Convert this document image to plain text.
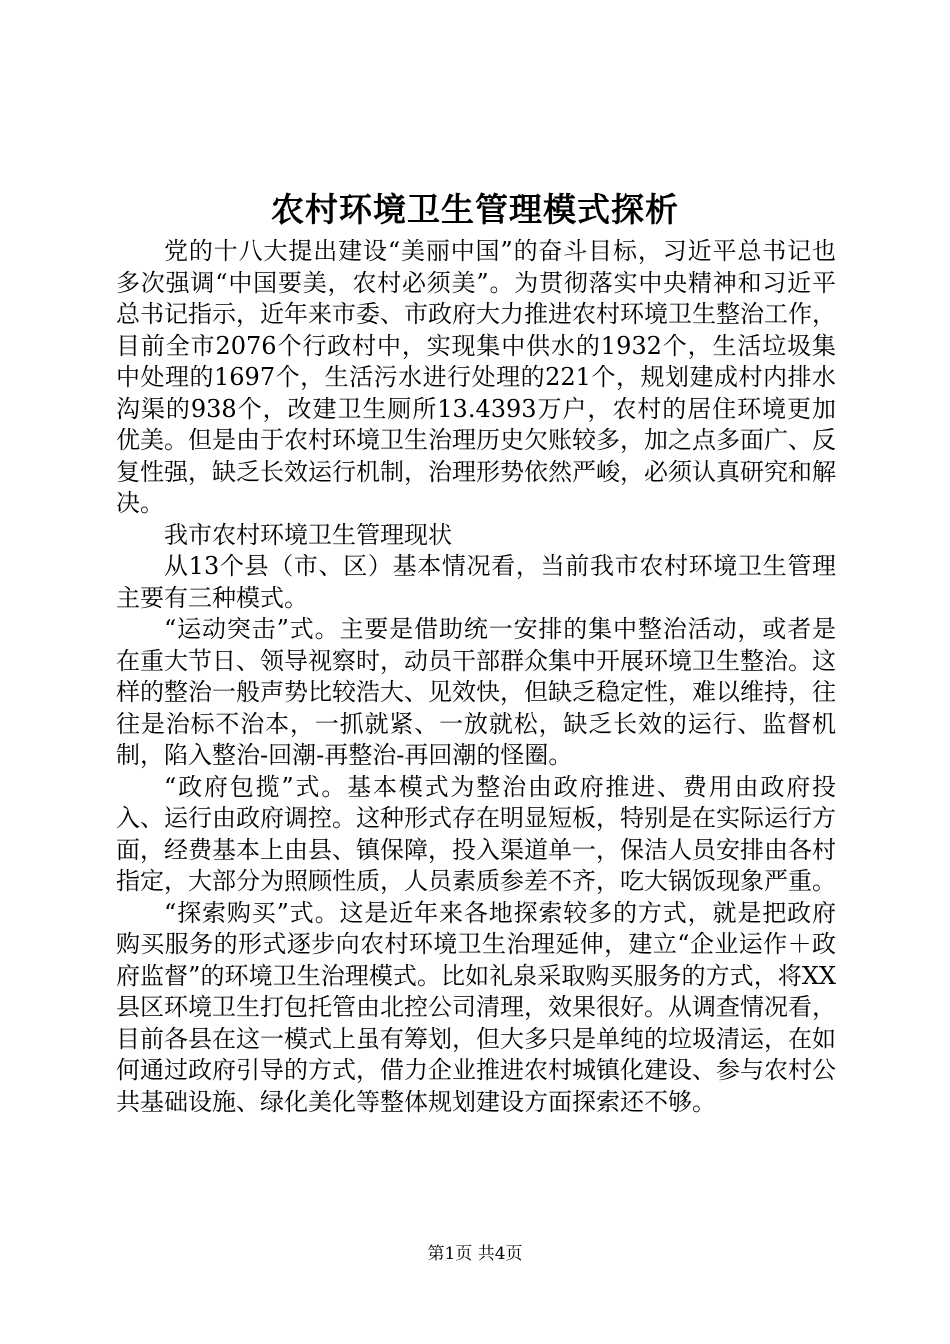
农村环境卫生管理模式探析

党的十八大提出建设“美丽中国”的奋斗目标，习近平总书记也多次强调“中国要美，农村必须美”。为贯彻落实中央精神和习近平总书记指示，近年来市委、市政府大力推进农村环境卫生整治工作，目前全市2076个行政村中，实现集中供水的1932个，生活垃圾集中处理的1697个，生活污水进行处理的221个，规划建成村内排水沟渠的938个，改建卫生厕所13.4393万户，农村的居住环境更加优美。但是由于农村环境卫生治理历史欠账较多，加之点多面广、反复性强，缺乏长效运行机制，治理形势依然严峻，必须认真研究和解决。

我市农村环境卫生管理现状

从13个县（市、区）基本情况看，当前我市农村环境卫生管理主要有三种模式。

“运动突击”式。主要是借助统一安排的集中整治活动，或者是在重大节日、领导视察时，动员干部群众集中开展环境卫生整治。这样的整治一般声势比较浩大、见效快，但缺乏稳定性，难以维持，往往是治标不治本，一抓就紧、一放就松，缺乏长效的运行、监督机制，陷入整治-回潮-再整治-再回潮的怪圈。

“政府包揽”式。基本模式为整治由政府推进、费用由政府投入、运行由政府调控。这种形式存在明显短板，特别是在实际运行方面，经费基本上由县、镇保障，投入渠道单一，保洁人员安排由各村指定，大部分为照顾性质，人员素质参差不齐，吃大锅饭现象严重。

“探索购买”式。这是近年来各地探索较多的方式，就是把政府购买服务的形式逐步向农村环境卫生治理延伸，建立“企业运作＋政府监督”的环境卫生治理模式。比如礼泉采取购买服务的方式，将XX县区环境卫生打包托管由北控公司清理，效果很好。从调查情况看，目前各县在这一模式上虽有筹划，但大多只是单纯的垃圾清运，在如何通过政府引导的方式，借力企业推进农村城镇化建设、参与农村公共基础设施、绿化美化等整体规划建设方面探索还不够。

第1页 共4页
